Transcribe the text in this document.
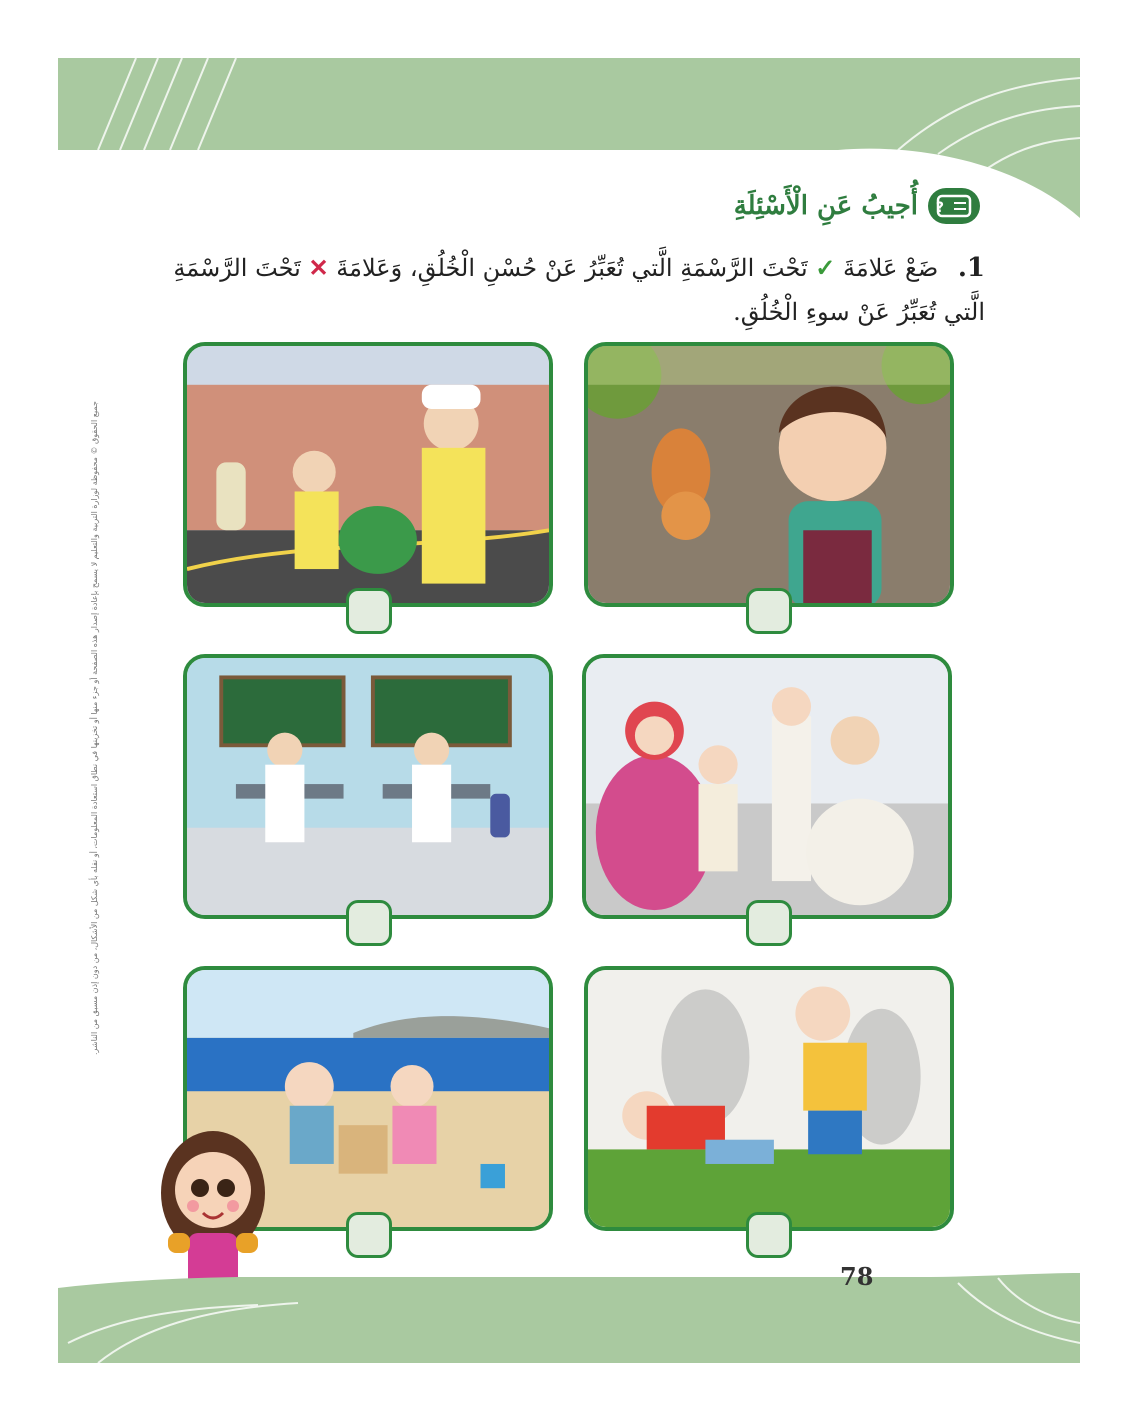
?
أُجيبُ عَنِ الْأَسْئِلَةِ
1. ضَعْ عَلامَةَ ✓ تَحْتَ الرَّسْمَةِ الَّتي تُعَبِّرُ عَنْ حُسْنِ الْخُلُقِ، وَعَلامَةَ ✕ تَحْتَ الرَّسْمَةِ الَّتي تُعَبِّرُ عَنْ سوءِ الْخُلُقِ.
جميع الحقوق © محفوظة لوزارة التربية والتعليم لا يسمح بإعادة إصدار هذه الصفحة أو جزء منها أو تخزينها في نطاق استعادة المعلومات، أو نقله بأي شكل من الأشكال، من دون إذن مسبق من الناشر.
78
